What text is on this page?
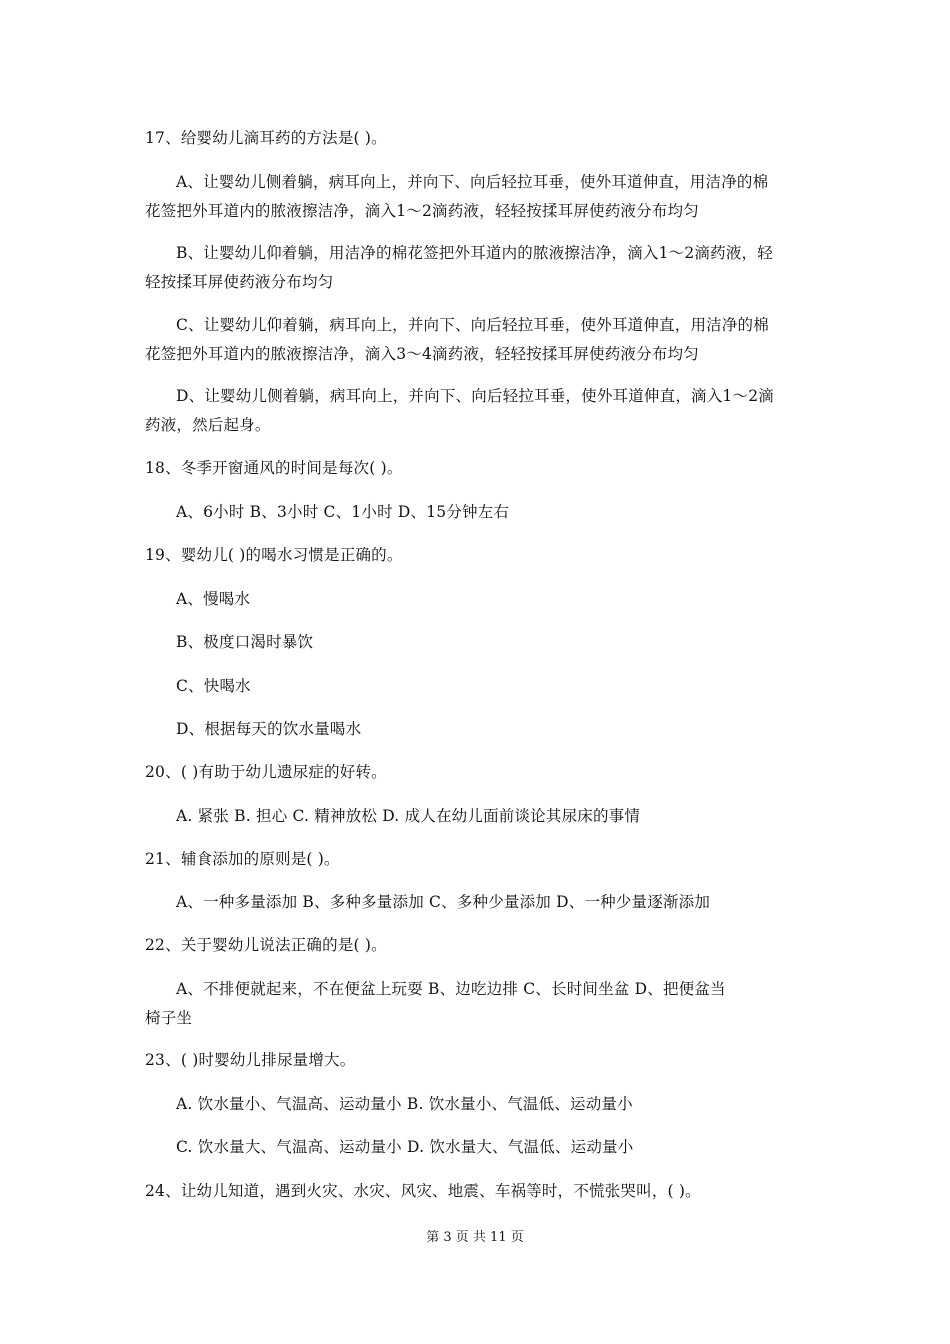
17、给婴幼儿滴耳药的方法是( )。
A、让婴幼儿侧着躺，病耳向上，并向下、向后轻拉耳垂，使外耳道伸直，用洁净的棉
花签把外耳道内的脓液擦洁净，滴入1～2滴药液，轻轻按揉耳屏使药液分布均匀
B、让婴幼儿仰着躺，用洁净的棉花签把外耳道内的脓液擦洁净，滴入1～2滴药液，轻
轻按揉耳屏使药液分布均匀
C、让婴幼儿仰着躺，病耳向上，并向下、向后轻拉耳垂，使外耳道伸直，用洁净的棉
花签把外耳道内的脓液擦洁净，滴入3～4滴药液，轻轻按揉耳屏使药液分布均匀
D、让婴幼儿侧着躺，病耳向上，并向下、向后轻拉耳垂，使外耳道伸直，滴入1～2滴
药液，然后起身。
18、冬季开窗通风的时间是每次( )。
A、6小时 B、3小时 C、1小时 D、15分钟左右
19、婴幼儿( )的喝水习惯是正确的。
A、慢喝水
B、极度口渴时暴饮
C、快喝水
D、根据每天的饮水量喝水
20、( )有助于幼儿遗尿症的好转。
A. 紧张 B. 担心 C. 精神放松 D. 成人在幼儿面前谈论其尿床的事情
21、辅食添加的原则是( )。
A、一种多量添加 B、多种多量添加 C、多种少量添加 D、一种少量逐渐添加
22、关于婴幼儿说法正确的是( )。
A、不排便就起来，不在便盆上玩耍 B、边吃边排 C、长时间坐盆 D、把便盆当
椅子坐
23、( )时婴幼儿排尿量增大。
A. 饮水量小、气温高、运动量小 B. 饮水量小、气温低、运动量小
C. 饮水量大、气温高、运动量小 D. 饮水量大、气温低、运动量小
24、让幼儿知道，遇到火灾、水灾、风灾、地震、车祸等时，不慌张哭叫，( )。
第 3 页 共 11 页
